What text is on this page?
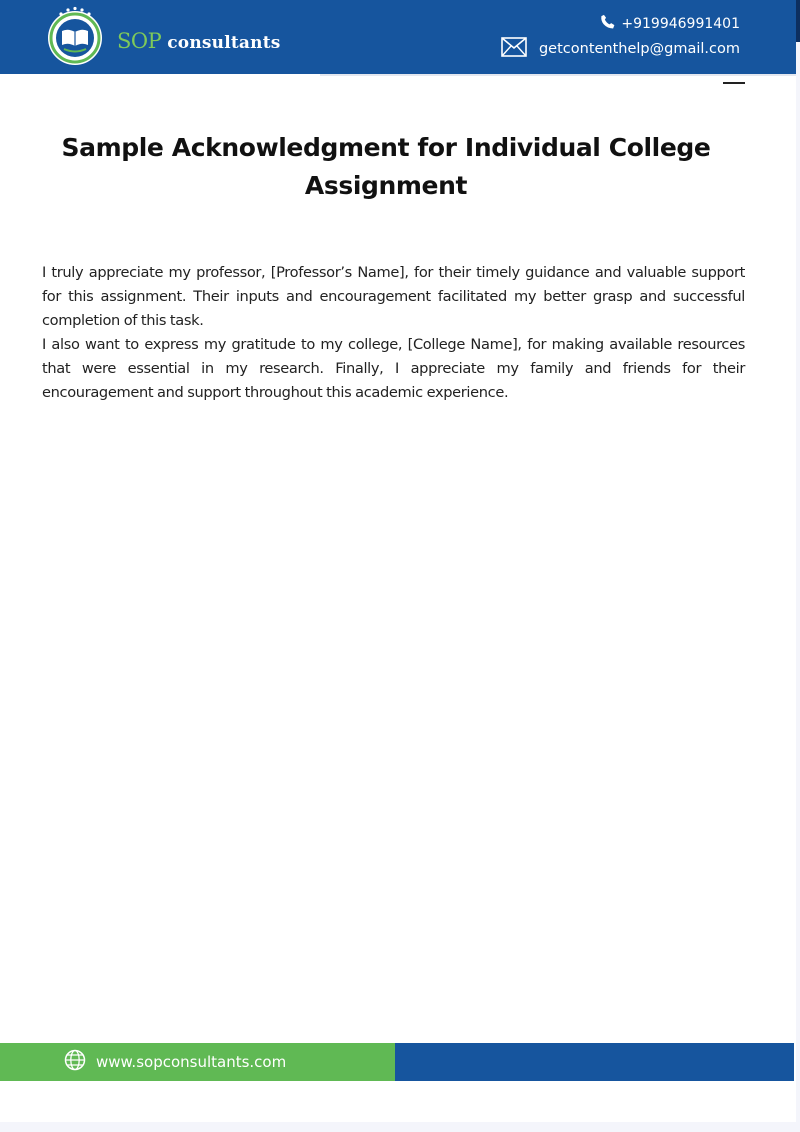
SOP consultants
+919946991401
getcontenthelp@gmail.com
Sample Acknowledgment for Individual College Assignment

I truly appreciate my professor, [Professor’s Name], for their timely guidance and valuable support for this assignment. Their inputs and encouragement facilitated my better grasp and successful completion of this task.

I also want to express my gratitude to my college, [College Name], for making available resources that were essential in my research. Finally, I appreciate my family and friends for their encouragement and support throughout this academic experience.

www.sopconsultants.com
